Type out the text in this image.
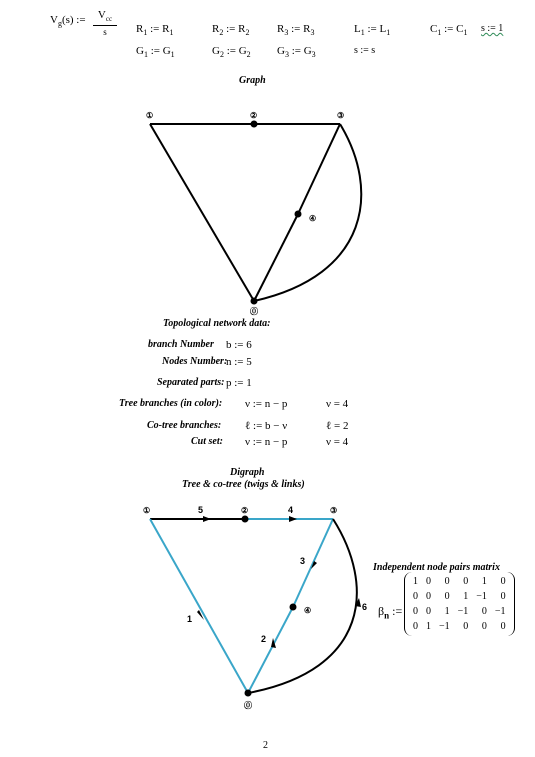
$V_g(s)$ :=	$V_{cc}$
s	$R_1$ := $R_1$	$R_2$ := $R_2$	$R_3$ := $R_3$	$L_1$ := $L_1$	$C_1$ := $C_1$ s := 1
$G_1$ := $G_1$	$G_2$ := $G_2$ $G_3$ := $G_3$	s := s
Graph
①	②	③
④
⓪
①	②	③
④
⓪
5	4
3
6
1
2
Topological network data:
branch Number b := 6
Nodes Number:
n := 5
Separated parts: p := 1
Tree branches (in color): ν := n − p	ν = 4
Co-tree branches: ℓ := b − ν	ℓ = 2
Cut set: ν := n − p	ν = 4
Digraph
Tree & co-tree (twigs & links)
Independent node pairs matrix
$\beta_n$ :=
1	0	0	0	1	0
0	0	0	1	−1	0
0	0	1	−1	0	−1
0	1	−1	0	0	0
2
